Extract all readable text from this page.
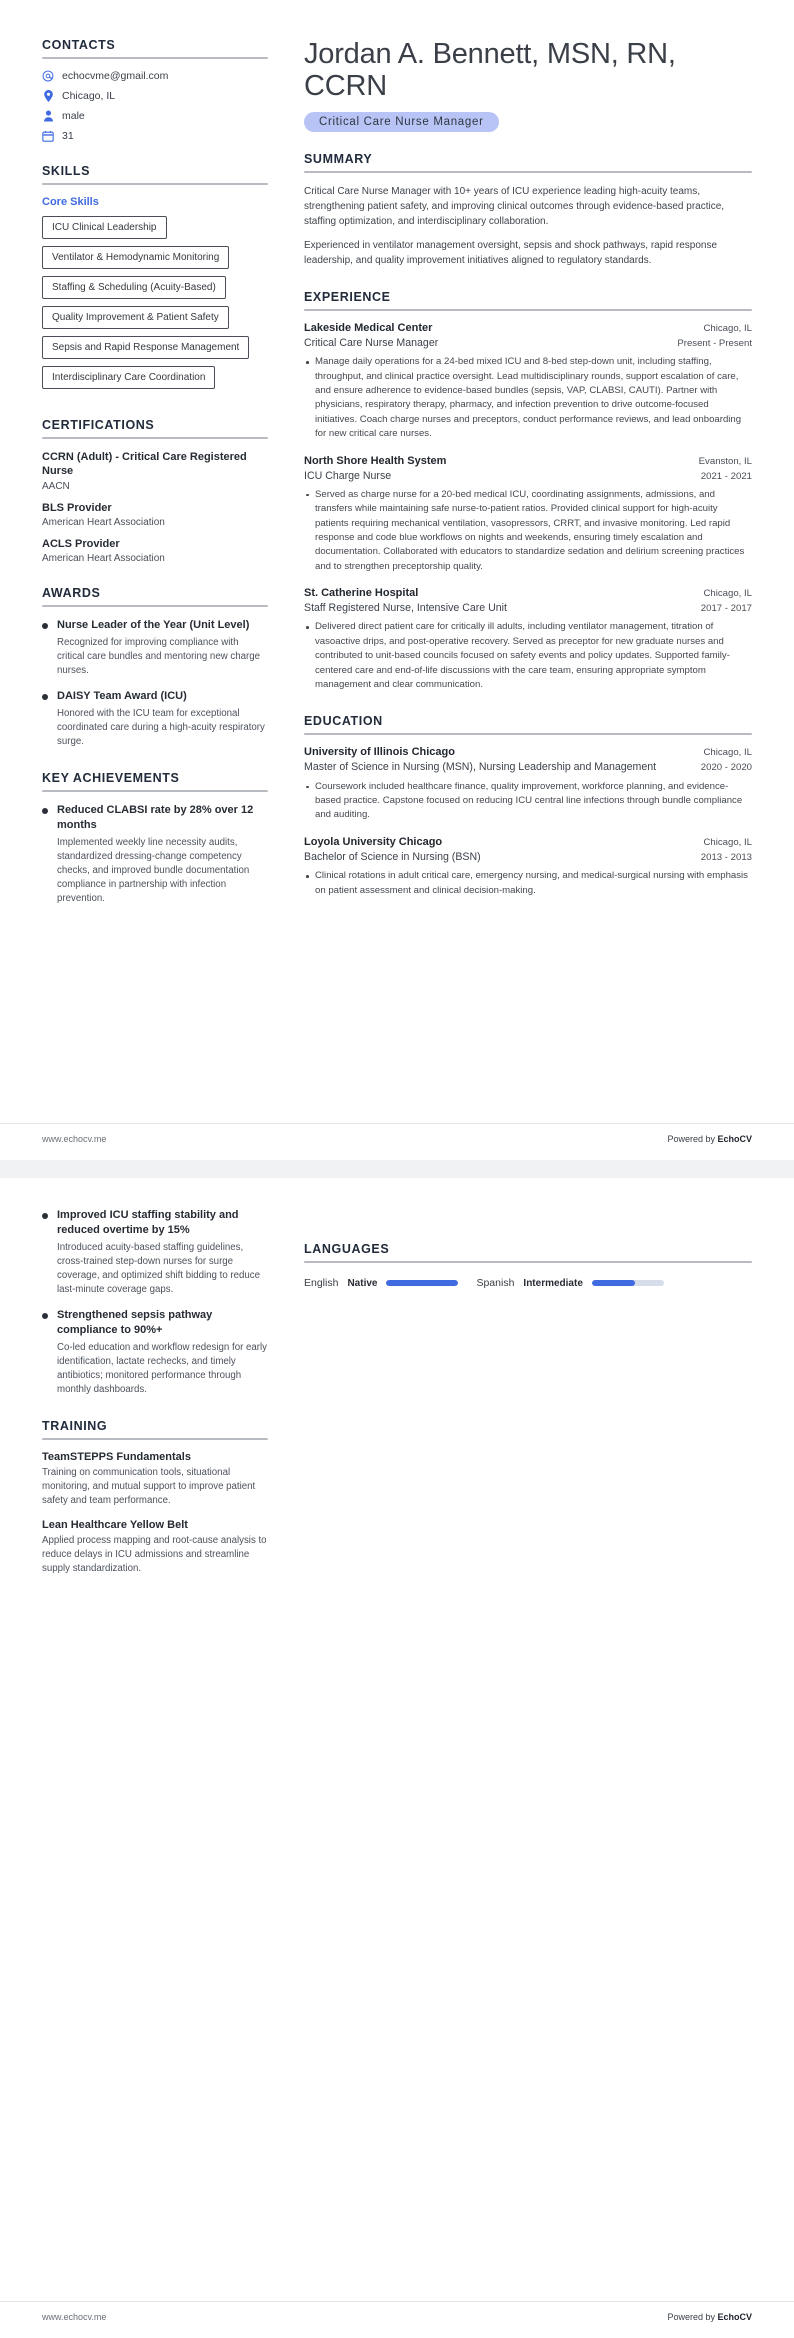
CONTACTS
echocvme@gmail.com
Chicago, IL
male
31
SKILLS
Core Skills
ICU Clinical Leadership Ventilator & Hemodynamic Monitoring Staffing & Scheduling (Acuity-Based) Quality Improvement & Patient Safety Sepsis and Rapid Response Management Interdisciplinary Care Coordination
CERTIFICATIONS
CCRN (Adult) - Critical Care Registered Nurse
AACN
BLS Provider
American Heart Association
ACLS Provider
American Heart Association
AWARDS
Nurse Leader of the Year (Unit Level)
Recognized for improving compliance with critical care bundles and mentoring new charge nurses.
DAISY Team Award (ICU)
Honored with the ICU team for exceptional coordinated care during a high-acuity respiratory surge.
KEY ACHIEVEMENTS
Reduced CLABSI rate by 28% over 12 months
Implemented weekly line necessity audits, standardized dressing-change competency checks, and improved bundle documentation compliance in partnership with infection prevention.
Jordan A. Bennett, MSN, RN, CCRN
Critical Care Nurse Manager
SUMMARY

Critical Care Nurse Manager with 10+ years of ICU experience leading high-acuity teams, strengthening patient safety, and improving clinical outcomes through evidence-based practice, staffing optimization, and interdisciplinary collaboration.

Experienced in ventilator management oversight, sepsis and shock pathways, rapid response leadership, and quality improvement initiatives aligned to regulatory standards.

EXPERIENCE
Lakeside Medical Center	Chicago, IL
Critical Care Nurse Manager	Present - Present
Manage daily operations for a 24-bed mixed ICU and 8-bed step-down unit, including staffing, throughput, and clinical practice oversight. Lead multidisciplinary rounds, support escalation of care, and ensure adherence to evidence-based bundles (sepsis, VAP, CLABSI, CAUTI). Partner with physicians, respiratory therapy, pharmacy, and infection prevention to drive outcome-focused initiatives. Coach charge nurses and preceptors, conduct performance reviews, and lead onboarding for new critical care nurses.
North Shore Health System	Evanston, IL
ICU Charge Nurse	2021 - 2021
Served as charge nurse for a 20-bed medical ICU, coordinating assignments, admissions, and transfers while maintaining safe nurse-to-patient ratios. Provided clinical support for high-acuity patients requiring mechanical ventilation, vasopressors, CRRT, and invasive monitoring. Led rapid response and code blue workflows on nights and weekends, ensuring timely escalation and documentation. Collaborated with educators to standardize sedation and delirium screening practices and to strengthen preceptorship quality.
St. Catherine Hospital	Chicago, IL
Staff Registered Nurse, Intensive Care Unit	2017 - 2017
Delivered direct patient care for critically ill adults, including ventilator management, titration of vasoactive drips, and post-operative recovery. Served as preceptor for new graduate nurses and contributed to unit-based councils focused on safety events and policy updates. Supported family-centered care and end-of-life discussions with the care team, ensuring appropriate symptom management and clear communication.
EDUCATION
University of Illinois Chicago	Chicago, IL
Master of Science in Nursing (MSN), Nursing Leadership and Management	2020 - 2020
Coursework included healthcare finance, quality improvement, workforce planning, and evidence-based practice. Capstone focused on reducing ICU central line infections through bundle compliance and auditing.
Loyola University Chicago	Chicago, IL
Bachelor of Science in Nursing (BSN)	2013 - 2013
Clinical rotations in adult critical care, emergency nursing, and medical-surgical nursing with emphasis on patient assessment and clinical decision-making.
www.echocv.me	Powered by EchoCV
Improved ICU staffing stability and reduced overtime by 15%
Introduced acuity-based staffing guidelines, cross-trained step-down nurses for surge coverage, and optimized shift bidding to reduce last-minute coverage gaps.
Strengthened sepsis pathway compliance to 90%+
Co-led education and workflow redesign for early identification, lactate rechecks, and timely antibiotics; monitored performance through monthly dashboards.
TRAINING
TeamSTEPPS Fundamentals
Training on communication tools, situational monitoring, and mutual support to improve patient safety and team performance.
Lean Healthcare Yellow Belt
Applied process mapping and root-cause analysis to reduce delays in ICU admissions and streamline supply standardization.
LANGUAGES
English Native	Spanish Intermediate
www.echocv.me	Powered by EchoCV
